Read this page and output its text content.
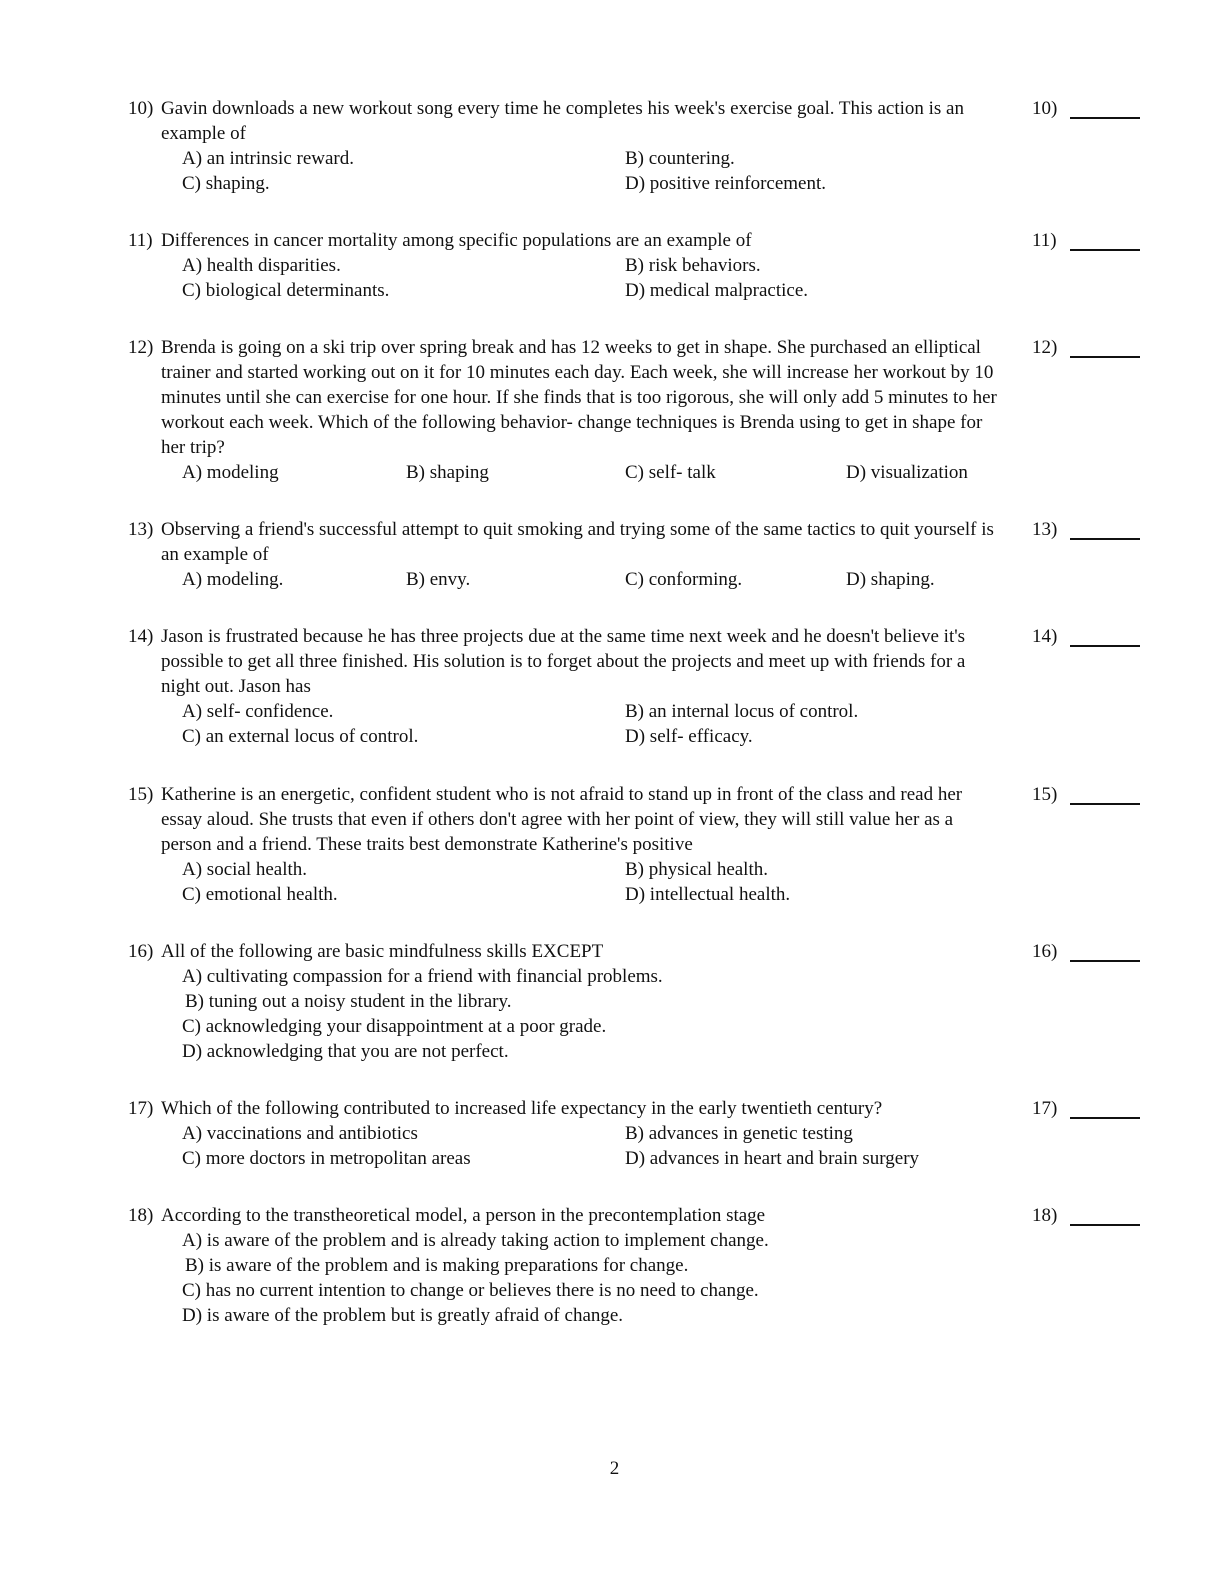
10) Gavin downloads a new workout song every time he completes his week's exercise goal. This action is an example of
10)
A) an intrinsic reward.	B) countering.
C) shaping.	D) positive reinforcement.
11) Differences in cancer mortality among specific populations are an example of	11)
A) health disparities.	B) risk behaviors.
C) biological determinants.	D) medical malpractice.
12) Brenda is going on a ski trip over spring break and has 12 weeks to get in shape. She purchased an elliptical trainer and started working out on it for 10 minutes each day. Each week, she will increase her workout by 10 minutes until she can exercise for one hour. If she finds that is too rigorous, she will only add 5 minutes to her workout each week. Which of the following behavior- change techniques is Brenda using to get in shape for her trip?
12)
A) modeling	B) shaping	C) self- talk	D) visualization
13) Observing a friend's successful attempt to quit smoking and trying some of the same tactics to quit yourself is an example of
13)
A) modeling.	B) envy.	C) conforming.	D) shaping.
14) Jason is frustrated because he has three projects due at the same time next week and he doesn't believe it's possible to get all three finished. His solution is to forget about the projects and meet up with friends for a night out. Jason has
14)
A) self- confidence.	B) an internal locus of control.
C) an external locus of control.	D) self- efficacy.
15) Katherine is an energetic, confident student who is not afraid to stand up in front of the class and read her essay aloud. She trusts that even if others don't agree with her point of view, they will still value her as a person and a friend. These traits best demonstrate Katherine's positive
15)
A) social health.	B) physical health.
C) emotional health.	D) intellectual health.
16) All of the following are basic mindfulness skills EXCEPT	16)
A) cultivating compassion for a friend with financial problems.
B) tuning out a noisy student in the library.
C) acknowledging your disappointment at a poor grade.
D) acknowledging that you are not perfect.
17) Which of the following contributed to increased life expectancy in the early twentieth century?	17)
A) vaccinations and antibiotics	B) advances in genetic testing
C) more doctors in metropolitan areas	D) advances in heart and brain surgery
18) According to the transtheoretical model, a person in the precontemplation stage	18)
A) is aware of the problem and is already taking action to implement change.
B) is aware of the problem and is making preparations for change.
C) has no current intention to change or believes there is no need to change.
D) is aware of the problem but is greatly afraid of change.
2
